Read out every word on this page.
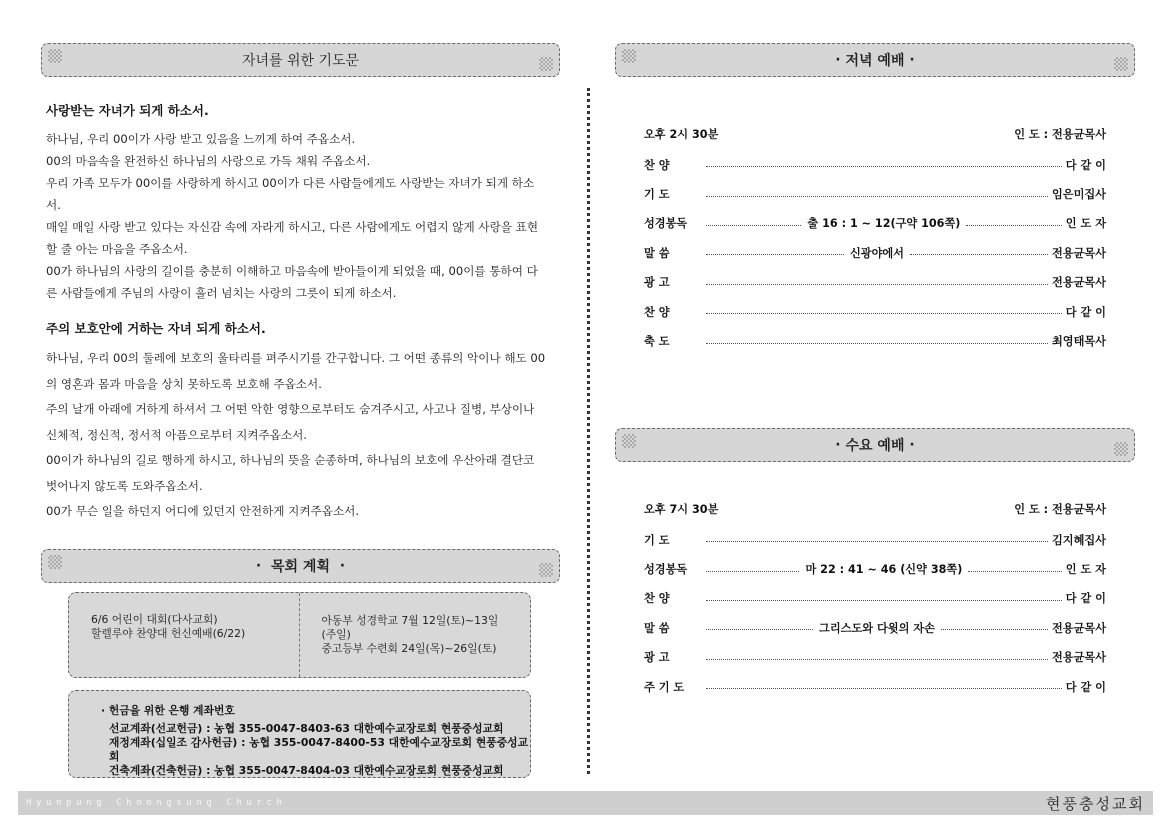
자녀를 위한 기도문
사랑받는 자녀가 되게 하소서.

하나님, 우리 00이가 사랑 받고 있음을 느끼게 하여 주옵소서.

00의 마음속을 완전하신 하나님의 사랑으로 가득 채워 주옵소서.

우리 가족 모두가 00이를 사랑하게 하시고 00이가 다른 사람들에게도 사랑받는 자녀가 되게 하소서.

매일 매일 사랑 받고 있다는 자신감 속에 자라게 하시고, 다른 사람에게도 어렵지 않게 사랑을 표현할 줄 아는 마음을 주옵소서.

00가 하나님의 사랑의 길이를 충분히 이해하고 마음속에 받아들이게 되었을 때, 00이를 통하여 다른 사람들에게 주님의 사랑이 흘러 넘치는 사랑의 그릇이 되게 하소서.

주의 보호안에 거하는 자녀 되게 하소서.

하나님, 우리 00의 둘레에 보호의 울타리를 펴주시기를 간구합니다. 그 어떤 종류의 악이나 해도 00의 영혼과 몸과 마음을 상치 못하도록 보호해 주옵소서.

주의 날개 아래에 거하게 하셔서 그 어떤 악한 영향으로부터도 숨겨주시고, 사고나 질병, 부상이나 신체적, 정신적, 정서적 아픔으로부터 지켜주옵소서.

00이가 하나님의 길로 행하게 하시고, 하나님의 뜻을 순종하며, 하나님의 보호에 우산아래 결단코 벗어나지 않도록 도와주옵소서.

00가 무슨 일을 하던지 어디에 있던지 안전하게 지켜주옵소서.

· 목회 계획 ·
6/6 어린이 대회(다사교회)
할렐루야 찬양대 헌신예배(6/22)
아동부 성경학교 7월 12일(토)~13일(주일)
중고등부 수련회 24일(목)~26일(토)
· 헌금을 위한 은행 계좌번호
선교계좌(선교헌금) : 농협 355-0047-8403-63 대한예수교장로회 현풍중성교회
재정계좌(십일조 감사헌금) : 농협 355-0047-8400-53 대한예수교장로회 현풍중성교회
건축계좌(건축헌금) : 농협 355-0047-8404-03 대한예수교장로회 현풍중성교회
· 저녁 예배 ·
오후 2시 30분	인 도 : 전용균목사
찬 양	다 같 이
기 도	임은미집사
성경봉독	출 16 : 1 ~ 12(구약 106쪽)	인 도 자
말 씀	신광야에서	전용균목사
광 고	전용균목사
찬 양	다 같 이
축 도	최영태목사
· 수요 예배 ·
오후 7시 30분	인 도 : 전용균목사
기 도	김지혜집사
성경봉독	마 22 : 41 ~ 46 (신약 38쪽)	인 도 자
찬 양	다 같 이
말 씀	그리스도와 다윗의 자손	전용균목사
광 고	전용균목사
주 기 도	다 같 이
Hyunpung Choongsung Church	현풍충성교회
